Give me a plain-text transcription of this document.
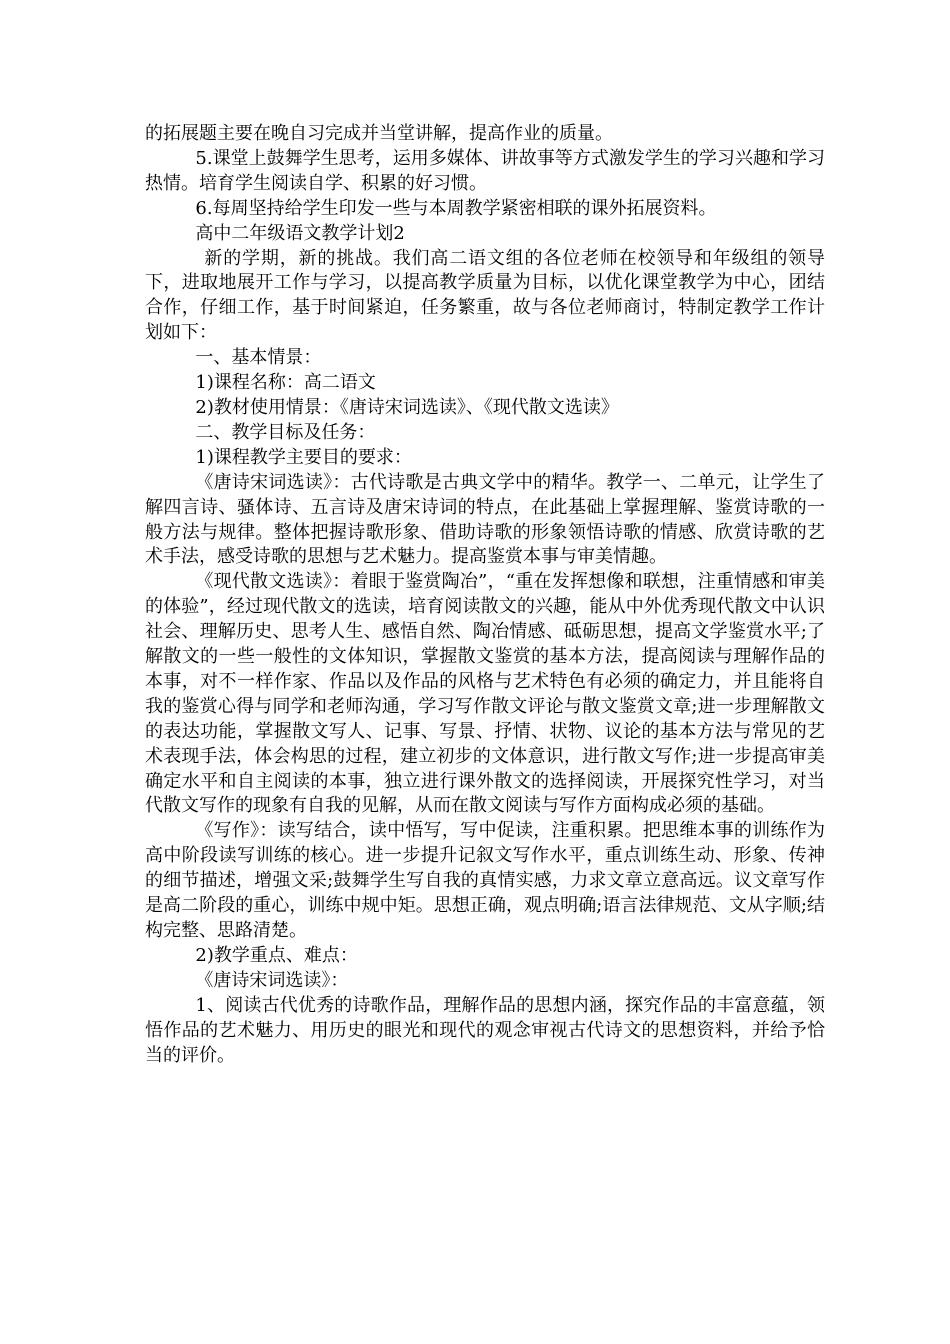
的拓展题主要在晚自习完成并当堂讲解，提高作业的质量。

5.课堂上鼓舞学生思考，运用多媒体、讲故事等方式激发学生的学习兴趣和学习热情。培育学生阅读自学、积累的好习惯。

6.每周坚持给学生印发一些与本周教学紧密相联的课外拓展资料。

高中二年级语文教学计划2

新的学期，新的挑战。我们高二语文组的各位老师在校领导和年级组的领导下，进取地展开工作与学习，以提高教学质量为目标，以优化课堂教学为中心，团结合作，仔细工作，基于时间紧迫，任务繁重，故与各位老师商讨，特制定教学工作计划如下：

一、基本情景：

1)课程名称：高二语文

2)教材使用情景：《唐诗宋词选读》、《现代散文选读》

二、教学目标及任务：

1)课程教学主要目的要求：

《唐诗宋词选读》：古代诗歌是古典文学中的精华。教学一、二单元，让学生了解四言诗、骚体诗、五言诗及唐宋诗词的特点，在此基础上掌握理解、鉴赏诗歌的一般方法与规律。整体把握诗歌形象、借助诗歌的形象领悟诗歌的情感、欣赏诗歌的艺术手法，感受诗歌的思想与艺术魅力。提高鉴赏本事与审美情趣。

《现代散文选读》：着眼于鉴赏陶冶”，“重在发挥想像和联想，注重情感和审美的体验”，经过现代散文的选读，培育阅读散文的兴趣，能从中外优秀现代散文中认识社会、理解历史、思考人生、感悟自然、陶冶情感、砥砺思想，提高文学鉴赏水平;了解散文的一些一般性的文体知识，掌握散文鉴赏的基本方法，提高阅读与理解作品的本事，对不一样作家、作品以及作品的风格与艺术特色有必须的确定力，并且能将自我的鉴赏心得与同学和老师沟通，学习写作散文评论与散文鉴赏文章;进一步理解散文的表达功能，掌握散文写人、记事、写景、抒情、状物、议论的基本方法与常见的艺术表现手法，体会构思的过程，建立初步的文体意识，进行散文写作;进一步提高审美确定水平和自主阅读的本事，独立进行课外散文的选择阅读，开展探究性学习，对当代散文写作的现象有自我的见解，从而在散文阅读与写作方面构成必须的基础。

《写作》：读写结合，读中悟写，写中促读，注重积累。把思维本事的训练作为高中阶段读写训练的核心。进一步提升记叙文写作水平，重点训练生动、形象、传神的细节描述，增强文采;鼓舞学生写自我的真情实感，力求文章立意高远。议文章写作是高二阶段的重心，训练中规中矩。思想正确，观点明确;语言法律规范、文从字顺;结构完整、思路清楚。

2)教学重点、难点：

《唐诗宋词选读》：

1、阅读古代优秀的诗歌作品，理解作品的思想内涵，探究作品的丰富意蕴，领悟作品的艺术魅力、用历史的眼光和现代的观念审视古代诗文的思想资料，并给予恰当的评价。
